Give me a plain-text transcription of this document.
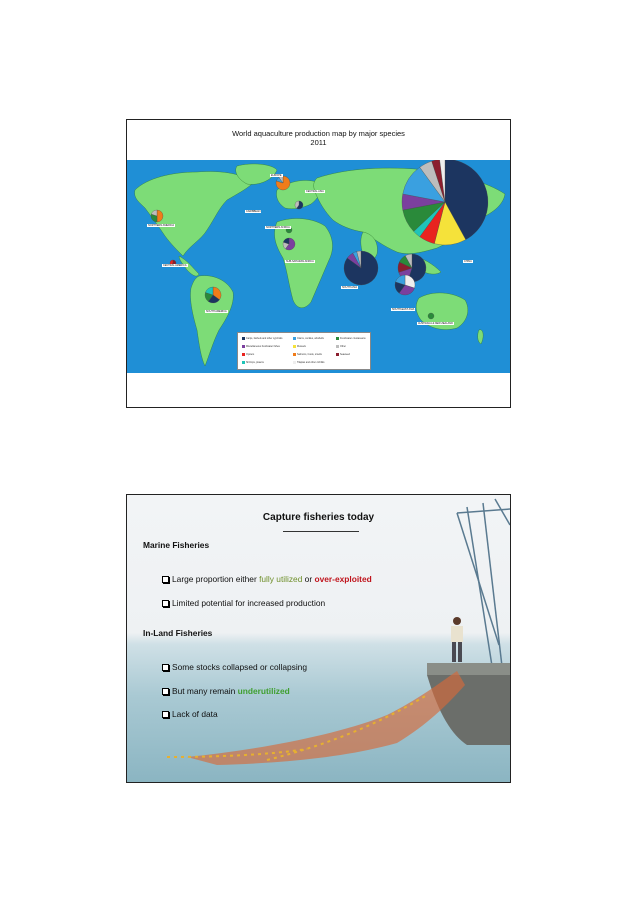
World aquaculture production map by major species
2011
NORTHERN AMERICA
CENTRAL AMERICA
SOUTH AMERICA
CARIBBEAN
EUROPE
NORTHERN AFRICA
SUB-SAHARAN AFRICA
CENTRAL ASIA
SOUTH ASIA
CHINA
SOUTH-EAST ASIA
AUSTRALIA & NEW ZEALAND
Carps, barbels and other cyprinids	Clams, cockles, arkshells	Freshwater crustaceans
Miscellaneous freshwater fishes	Mussels	Other
Oysters	Salmons, trouts, smelts	Seaweed
Shrimps, prawns	Tilapias and other cichlids
Capture fisheries today
Marine Fisheries
Large proportion either fully utilized or over-exploited
Limited potential for increased production
In-Land Fisheries
Some stocks collapsed or collapsing
But many remain underutilized
Lack of data
